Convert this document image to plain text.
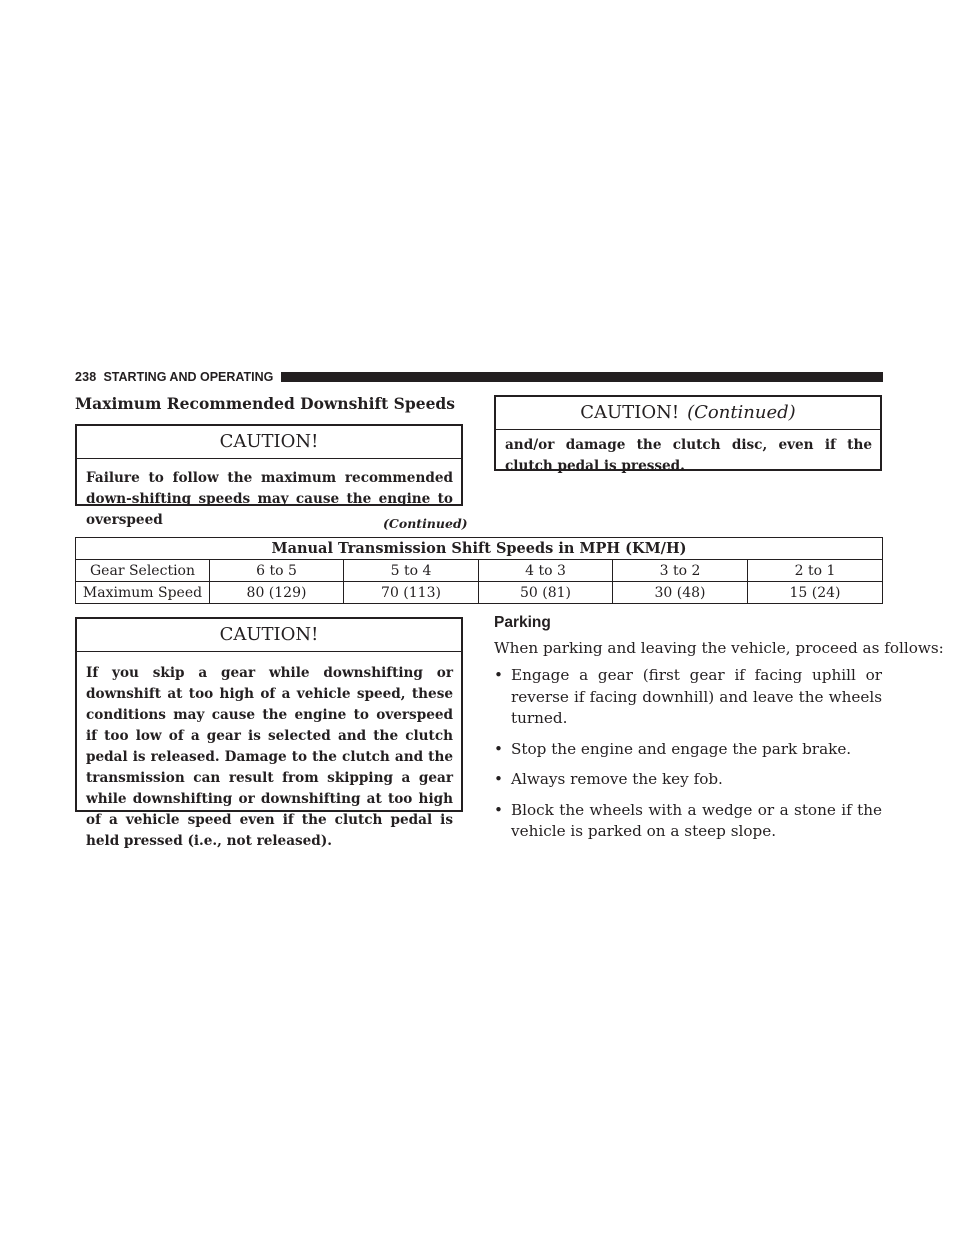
238 STARTING AND OPERATING
Maximum Recommended Downshift Speeds
CAUTION!

Failure to follow the maximum recommended down-shifting speeds may cause the engine to overspeed

CAUTION! (Continued)

and/or damage the clutch disc, even if the clutch pedal is pressed.

(Continued)
Manual Transmission Shift Speeds in MPH (KM/H)					
Gear Selection	6 to 5	5 to 4	4 to 3	3 to 2	2 to 1
Maximum Speed	80 (129)	70 (113)	50 (81)	30 (48)	15 (24)
CAUTION!

If you skip a gear while downshifting or downshift at too high of a vehicle speed, these conditions may cause the engine to overspeed if too low of a gear is selected and the clutch pedal is released. Damage to the clutch and the transmission can result from skipping a gear while downshifting or downshifting at too high of a vehicle speed even if the clutch pedal is held pressed (i.e., not released).

Parking
When parking and leaving the vehicle, proceed as follows:
• Engage a gear (first gear if facing uphill or reverse if facing downhill) and leave the wheels turned.
• Stop the engine and engage the park brake.
• Always remove the key fob.
• Block the wheels with a wedge or a stone if the vehicle is parked on a steep slope.
